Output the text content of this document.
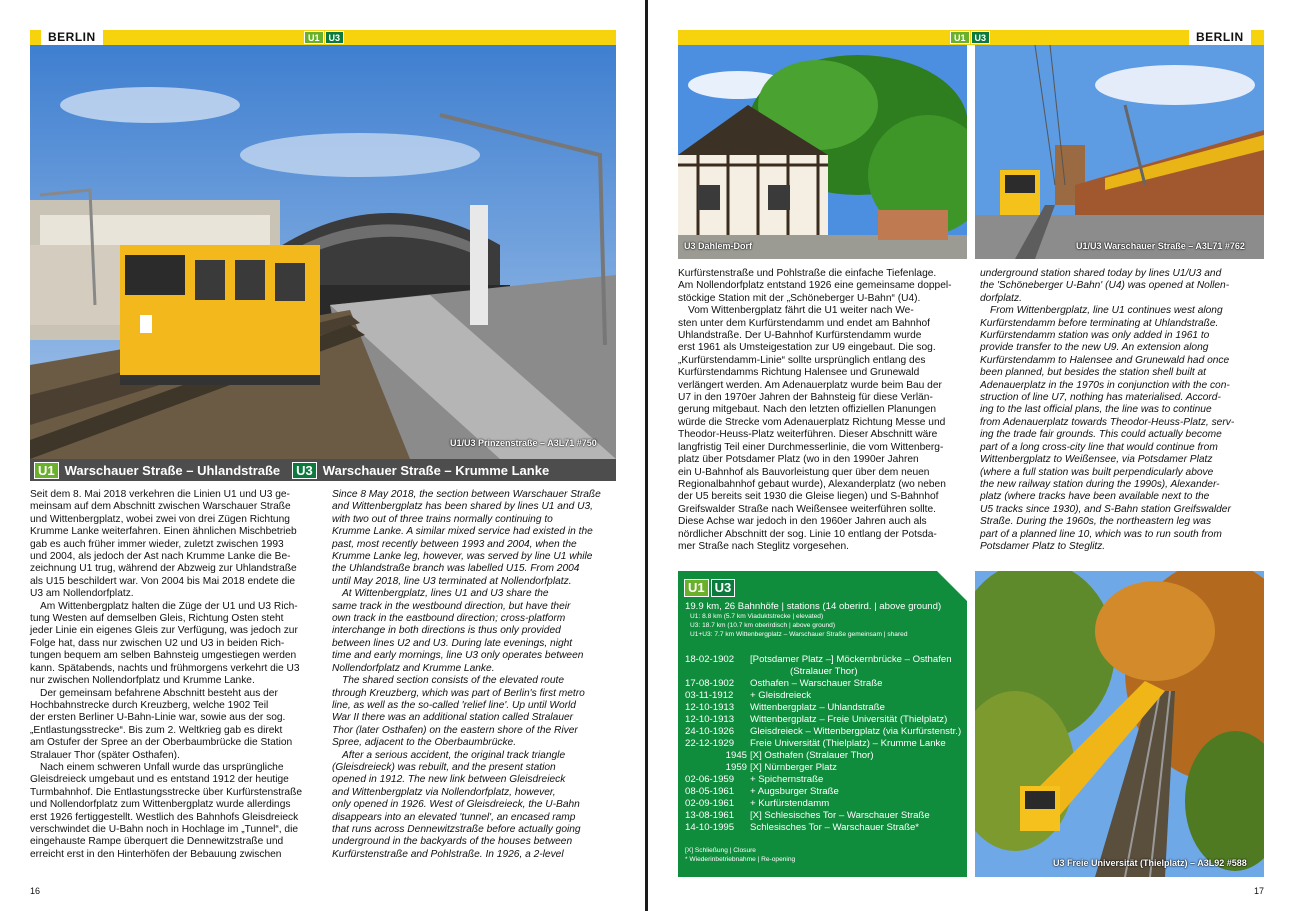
BERLIN	U1	U3
U1/U3 Prinzenstraße – A3L71 #750
U1 Warschauer Straße – Uhlandstraße	U3 Warschauer Straße – Krumme Lanke

Seit dem 8. Mai 2018 verkehren die Linien U1 und U3 ge-

meinsam auf dem Abschnitt zwischen Warschauer Straße

und Wittenbergplatz, wobei zwei von drei Zügen Richtung

Krumme Lanke weiterfahren. Einen ähnlichen Mischbetrieb

gab es auch früher immer wieder, zuletzt zwischen 1993

und 2004, als jedoch der Ast nach Krumme Lanke die Be-

zeichnung U1 trug, während der Abzweig zur Uhlandstraße

als U15 beschildert war. Von 2004 bis Mai 2018 endete die

U3 am Nollendorfplatz.

Am Wittenbergplatz halten die Züge der U1 und U3 Rich-

tung Westen auf demselben Gleis, Richtung Osten steht

jeder Linie ein eigenes Gleis zur Verfügung, was jedoch zur

Folge hat, dass nur zwischen U2 und U3 in beiden Rich-

tungen bequem am selben Bahnsteig umgestiegen werden

kann. Spätabends, nachts und frühmorgens verkehrt die U3

nur zwischen Nollendorfplatz und Krumme Lanke.

Der gemeinsam befahrene Abschnitt besteht aus der

Hochbahnstrecke durch Kreuzberg, welche 1902 Teil

der ersten Berliner U-Bahn-Linie war, sowie aus der sog.

„Entlastungsstrecke“. Bis zum 2. Weltkrieg gab es direkt

am Ostufer der Spree an der Oberbaumbrücke die Station

Stralauer Thor (später Osthafen).

Nach einem schweren Unfall wurde das ursprüngliche

Gleisdreieck umgebaut und es entstand 1912 der heutige

Turmbahnhof. Die Entlastungsstrecke über Kurfürstenstraße

und Nollendorfplatz zum Wittenbergplatz wurde allerdings

erst 1926 fertiggestellt. Westlich des Bahnhofs Gleisdreieck

verschwindet die U-Bahn noch in Hochlage im „Tunnel“, die

eingehauste Rampe überquert die Dennewitzstraße und

erreicht erst in den Hinterhöfen der Bebauung zwischen

Since 8 May 2018, the section between Warschauer Straße

and Wittenbergplatz has been shared by lines U1 and U3,

with two out of three trains normally continuing to

Krumme Lanke. A similar mixed service had existed in the

past, most recently between 1993 and 2004, when the

Krumme Lanke leg, however, was served by line U1 while

the Uhlandstraße branch was labelled U15. From 2004

until May 2018, line U3 terminated at Nollendorfplatz.

At Wittenbergplatz, lines U1 and U3 share the

same track in the westbound direction, but have their

own track in the eastbound direction; cross-platform

interchange in both directions is thus only provided

between lines U2 and U3. During late evenings, night

time and early mornings, line U3 only operates between

Nollendorfplatz and Krumme Lanke.

The shared section consists of the elevated route

through Kreuzberg, which was part of Berlin's first metro

line, as well as the so-called 'relief line'. Up until World

War II there was an additional station called Stralauer

Thor (later Osthafen) on the eastern shore of the River

Spree, adjacent to the Oberbaumbrücke.

After a serious accident, the original track triangle

(Gleisdreieck) was rebuilt, and the present station

opened in 1912. The new link between Gleisdreieck

and Wittenbergplatz via Nollendorfplatz, however,

only opened in 1926. West of Gleisdreieck, the U-Bahn

disappears into an elevated 'tunnel', an encased ramp

that runs across Dennewitzstraße before actually going

underground in the backyards of the houses between

Kurfürstenstraße and Pohlstraße. In 1926, a 2-level

16
U1	U3	BERLIN
U3 Dahlem-Dorf	U1/U3 Warschauer Straße – A3L71 #762

Kurfürstenstraße und Pohlstraße die einfache Tiefenlage.

Am Nollendorfplatz entstand 1926 eine gemeinsame doppel-

stöckige Station mit der „Schöneberger U-Bahn“ (U4).

Vom Wittenbergplatz fährt die U1 weiter nach We-

sten unter dem Kurfürstendamm und endet am Bahnhof

Uhlandstraße. Der U-Bahnhof Kurfürstendamm wurde

erst 1961 als Umsteigestation zur U9 eingebaut. Die sog.

„Kurfürstendamm-Linie“ sollte ursprünglich entlang des

Kurfürstendamms Richtung Halensee und Grunewald

verlängert werden. Am Adenauerplatz wurde beim Bau der

U7 in den 1970er Jahren der Bahnsteig für diese Verlän-

gerung mitgebaut. Nach den letzten offiziellen Planungen

würde die Strecke vom Adenauerplatz Richtung Messe und

Theodor-Heuss-Platz weiterführen. Dieser Abschnitt wäre

langfristig Teil einer Durchmesserlinie, die vom Wittenberg-

platz über Potsdamer Platz (wo in den 1990er Jahren

ein U-Bahnhof als Bauvorleistung quer über dem neuen

Regionalbahnhof gebaut wurde), Alexanderplatz (wo neben

der U5 bereits seit 1930 die Gleise liegen) und S-Bahnhof

Greifswalder Straße nach Weißensee weiterführen sollte.

Diese Achse war jedoch in den 1960er Jahren auch als

nördlicher Abschnitt der sog. Linie 10 entlang der Potsda-

mer Straße nach Steglitz vorgesehen.

underground station shared today by lines U1/U3 and

the 'Schöneberger U-Bahn' (U4) was opened at Nollen-

dorfplatz.

From Wittenbergplatz, line U1 continues west along

Kurfürstendamm before terminating at Uhlandstraße.

Kurfürstendamm station was only added in 1961 to

provide transfer to the new U9. An extension along

Kurfürstendamm to Halensee and Grunewald had once

been planned, but besides the station shell built at

Adenauerplatz in the 1970s in conjunction with the con-

struction of line U7, nothing has materialised. Accord-

ing to the last official plans, the line was to continue

from Adenauerplatz towards Theodor-Heuss-Platz, serv-

ing the trade fair grounds. This could actually become

part of a long cross-city line that would continue from

Wittenbergplatz to Weißensee, via Potsdamer Platz

(where a full station was built perpendicularly above

the new railway station during the 1990s), Alexander-

platz (where tracks have been available next to the

U5 tracks since 1930), and S-Bahn station Greifswalder

Straße. During the 1960s, the northeastern leg was

part of a planned line 10, which was to run south from

Potsdamer Platz to Steglitz.

U1 U3
19.9 km, 26 Bahnhöfe | stations (14 oberird. | above ground)
U1: 8.8 km (5.7 km Viaduktstrecke | elevated)
U3: 18.7 km (10.7 km oberirdisch | above ground)
U1+U3: 7.7 km Wittenbergplatz – Warschauer Straße gemeinsam | shared
18-02-1902	[Potsdamer Platz –] Möckernbrücke – Osthafen
(Stralauer Thor)
17-08-1902	Osthafen – Warschauer Straße
03-11-1912	+ Gleisdreieck
12-10-1913	Wittenbergplatz – Uhlandstraße
12-10-1913	Wittenbergplatz – Freie Universität (Thielplatz)
24-10-1926	Gleisdreieck – Wittenbergplatz (via Kurfürstenstr.)
22-12-1929	Freie Universität (Thielplatz) – Krumme Lanke
1945 [X] Osthafen (Stralauer Thor)
1959 [X] Nürnberger Platz
02-06-1959	+ Spichernstraße
08-05-1961	+ Augsburger Straße
02-09-1961	+ Kurfürstendamm
13-08-1961	[X] Schlesisches Tor – Warschauer Straße
14-10-1995	Schlesisches Tor – Warschauer Straße*
[X] Schließung | Closure
* Wiederinbetriebnahme | Re-opening	U3 Freie Universität (Thielplatz) – A3L92 #588
17
